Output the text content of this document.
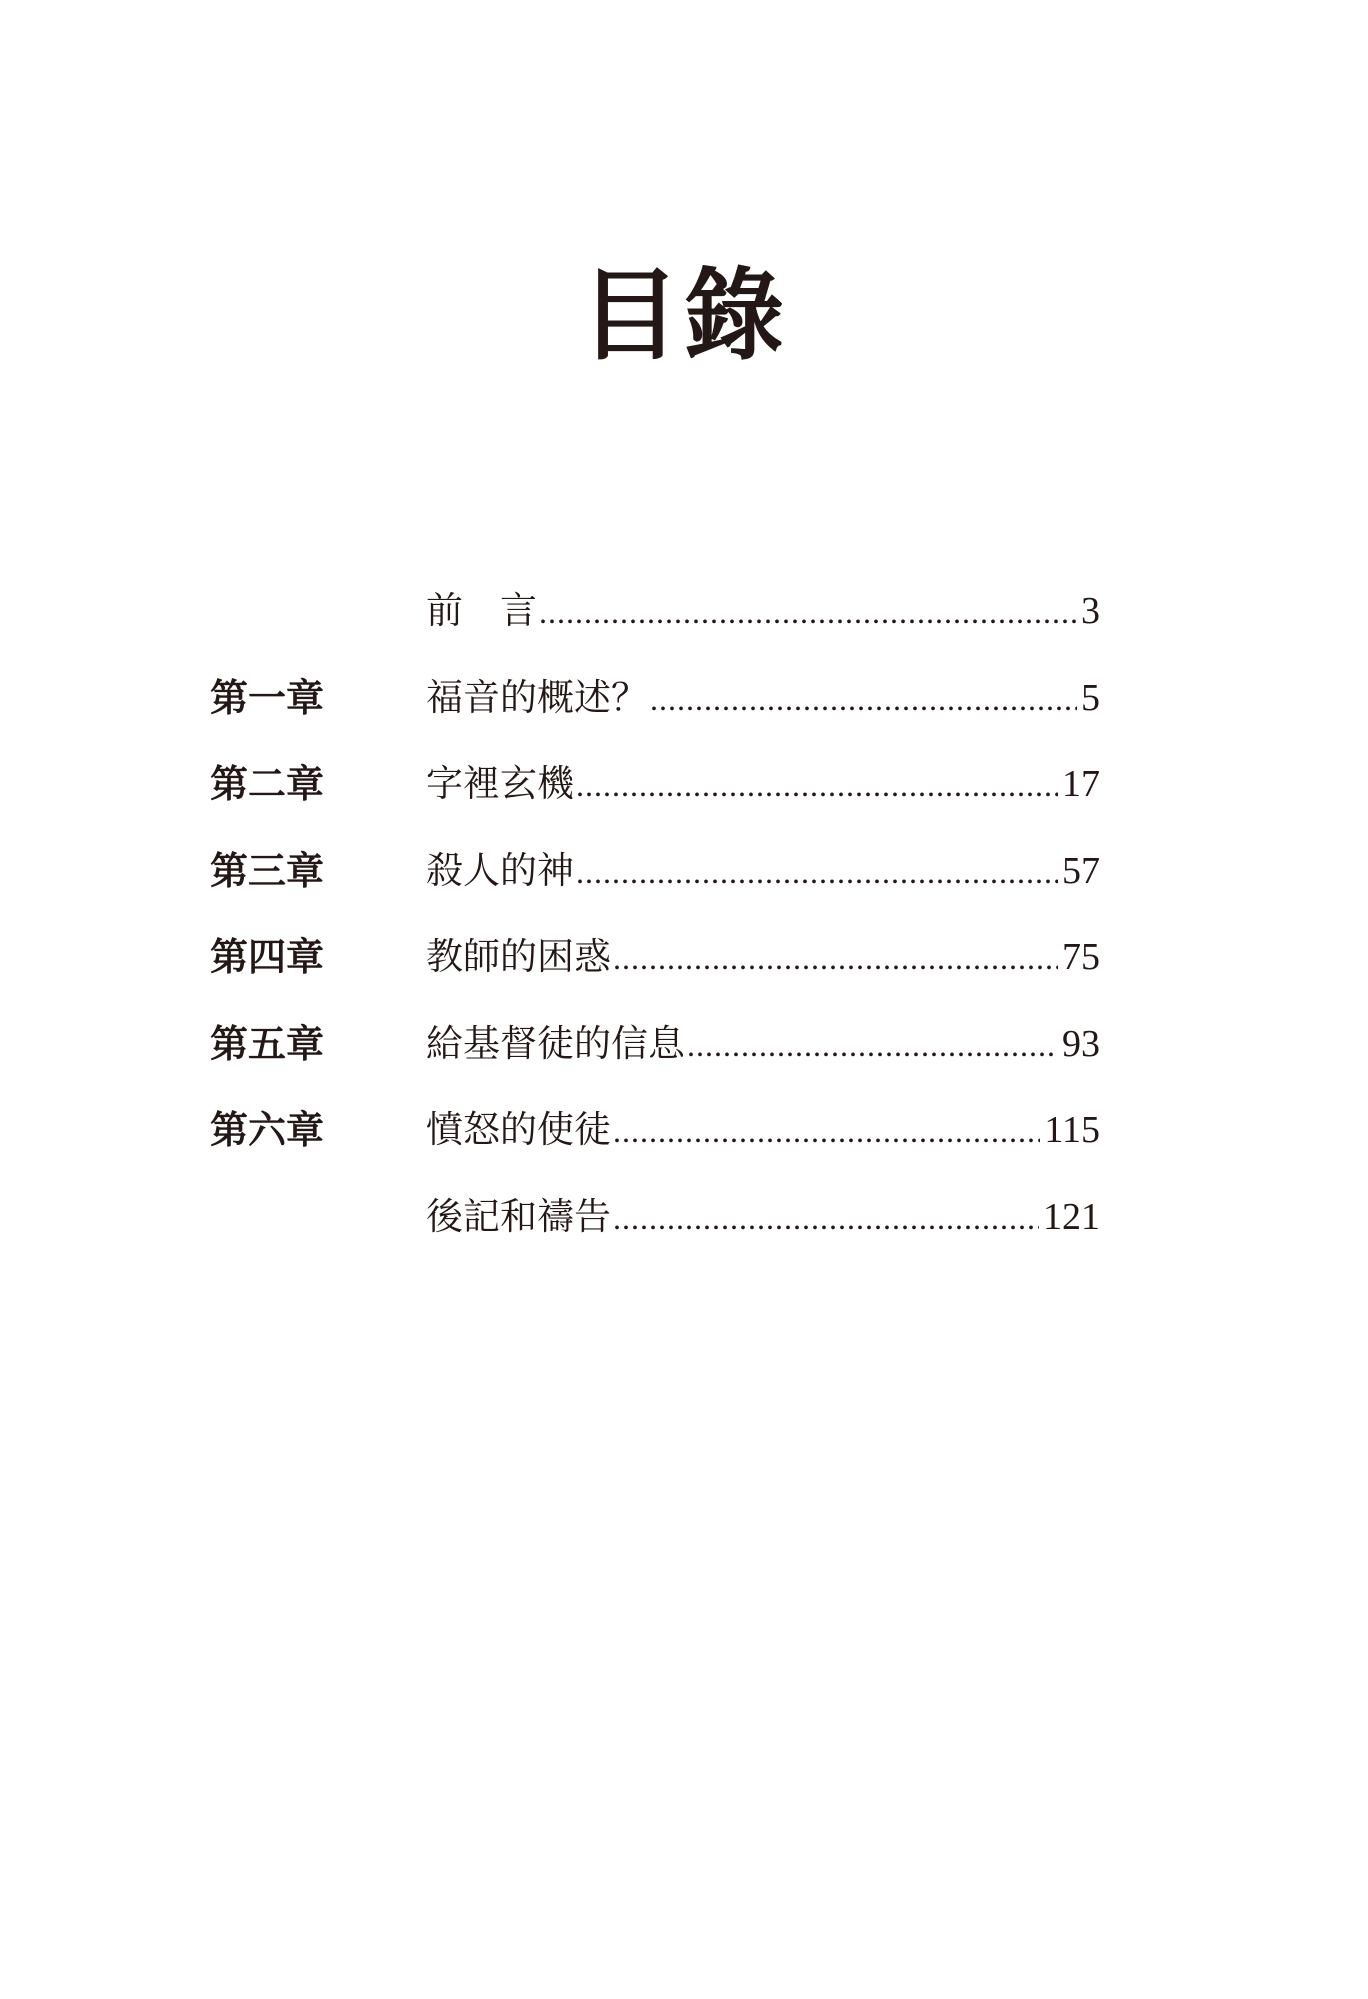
目錄
前　言 .....	3
第一章	福音的概述？ .....	5
第二章	字裡玄機 .....	17
第三章	殺人的神 .....	57
第四章	教師的困惑 .....	75
第五章	給基督徒的信息 .....	93
第六章	憤怒的使徒 .....	115
後記和禱告 .....	121
